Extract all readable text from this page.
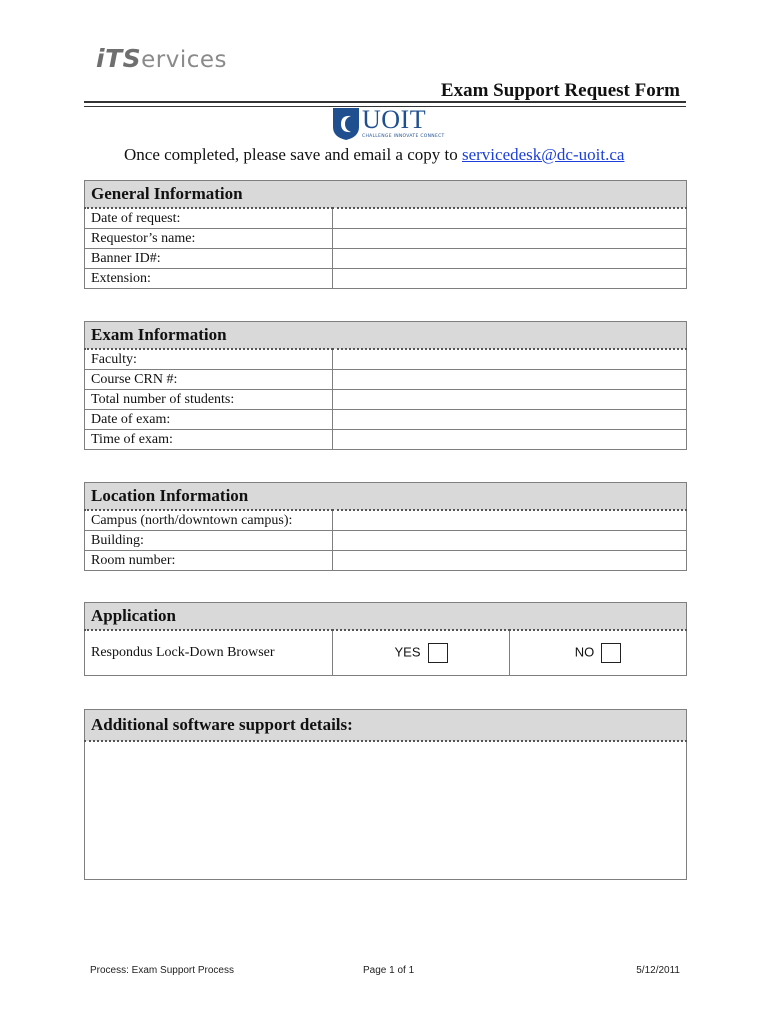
iTServices
Exam Support Request Form
UOIT
CHALLENGE INNOVATE CONNECT
Once completed, please save and email a copy to servicedesk@dc-uoit.ca
General Information	
Date of request:	
Requestor’s name:	
Banner ID#:	
Extension:	
Exam Information	
Faculty:	
Course CRN #:	
Total number of students:	
Date of exam:	
Time of exam:	
Location Information	
Campus (north/downtown campus):	
Building:	
Room number:	
Application
Respondus Lock-Down Browser	YES	NO
Additional software support details:

Process: Exam Support Process	Page 1 of 1	5/12/2011
